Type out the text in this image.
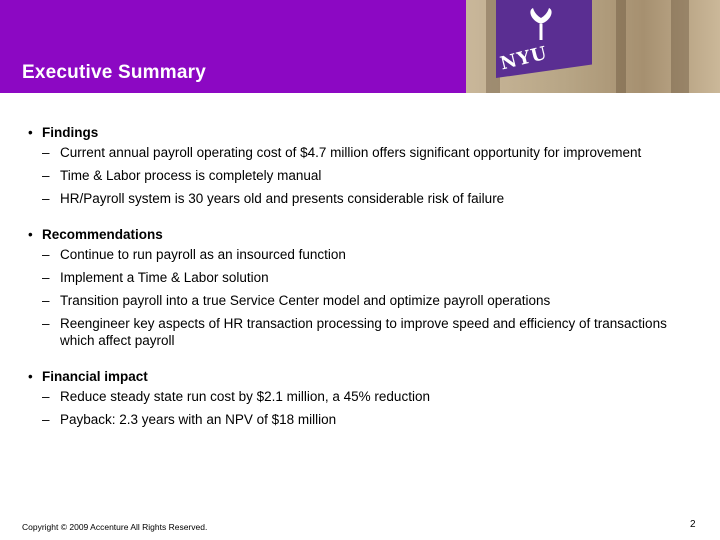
Executive Summary	NYU
• Findings
– Current annual payroll operating cost of $4.7 million offers significant opportunity for improvement
– Time & Labor process is completely manual
– HR/Payroll system is 30 years old and presents considerable risk of failure
• Recommendations
– Continue to run payroll as an insourced function
– Implement a Time & Labor solution
– Transition payroll into a true Service Center model and optimize payroll operations
– Reengineer key aspects of HR transaction processing to improve speed and efficiency of transactions which affect payroll
• Financial impact
– Reduce steady state run cost by $2.1 million, a 45% reduction
– Payback: 2.3 years with an NPV of $18 million
Copyright © 2009 Accenture All Rights Reserved.	2
